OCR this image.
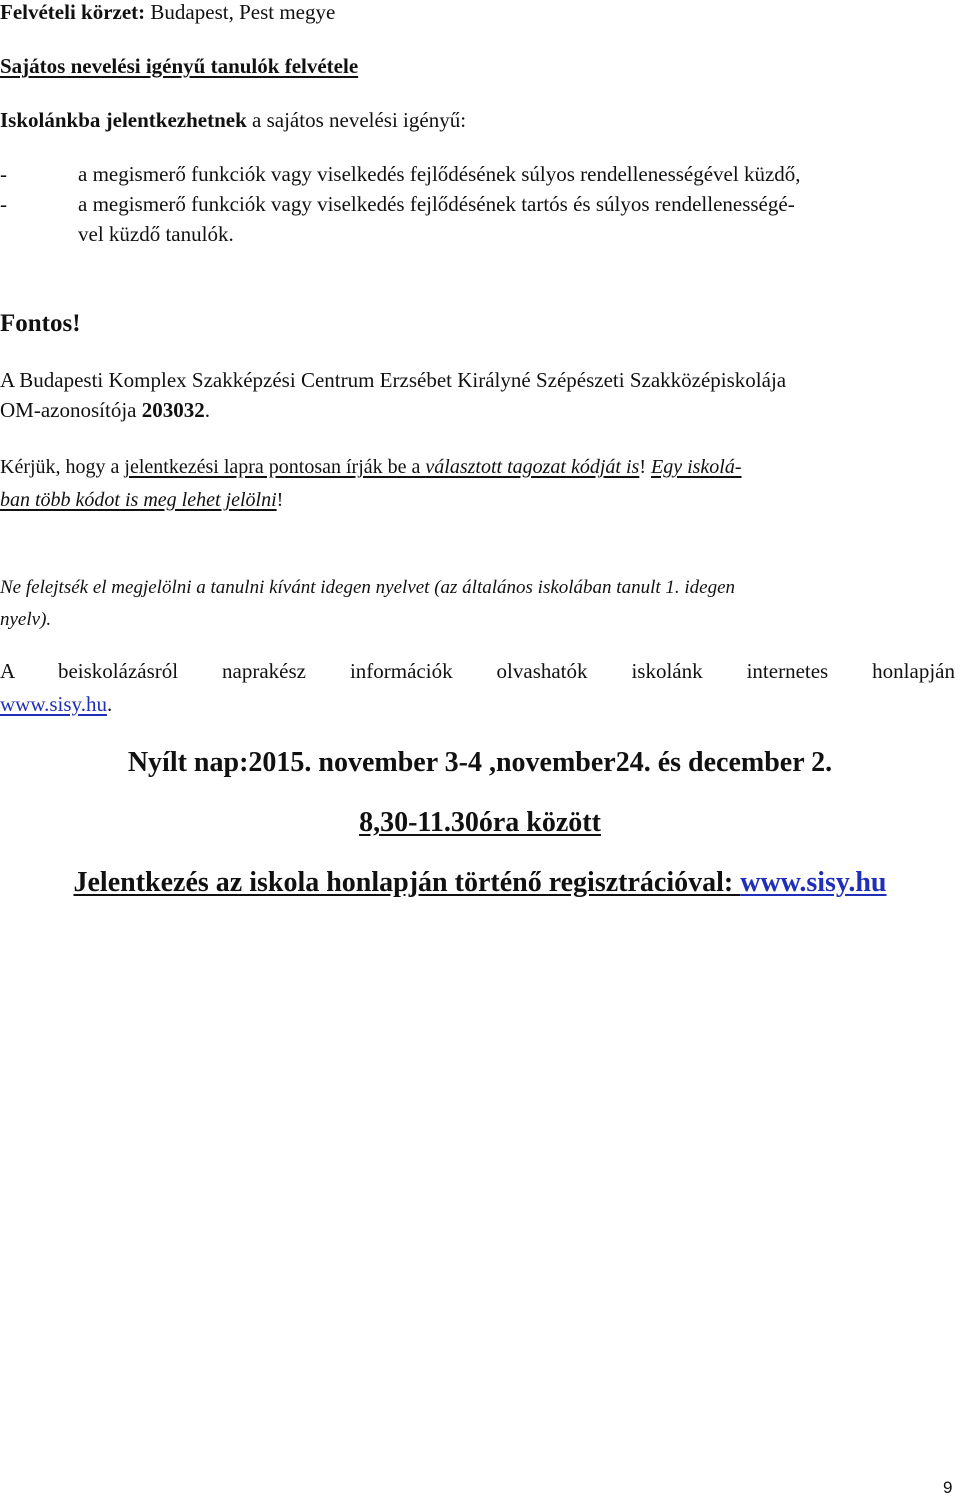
Felvételi körzet: Budapest, Pest megye
Sajátos nevelési igényű tanulók felvétele
Iskolánkba jelentkezhetnek a sajátos nevelési igényű:
-	a megismerő funkciók vagy viselkedés fejlődésének súlyos rendellenességével küzdő,
-	a megismerő funkciók vagy viselkedés fejlődésének tartós és súlyos rendellenességé-
vel küzdő tanulók.
Fontos!
A Budapesti Komplex Szakképzési Centrum Erzsébet Királyné Szépészeti Szakközépiskolája
OM-azonosítója 203032.
Kérjük, hogy a jelentkezési lapra pontosan írják be a választott tagozat kódját is! Egy iskolá-
ban több kódot is meg lehet jelölni!
Ne felejtsék el megjelölni a tanulni kívánt idegen nyelvet (az általános iskolában tanult 1. idegen
nyelv).
A beiskolázásról naprakész információk olvashatók iskolánk internetes honlapján
www.sisy.hu.
Nyílt nap:2015. november 3-4 ,november24. és december 2.
8,30-11.30óra között
Jelentkezés az iskola honlapján történő regisztrációval: www.sisy.hu
9
